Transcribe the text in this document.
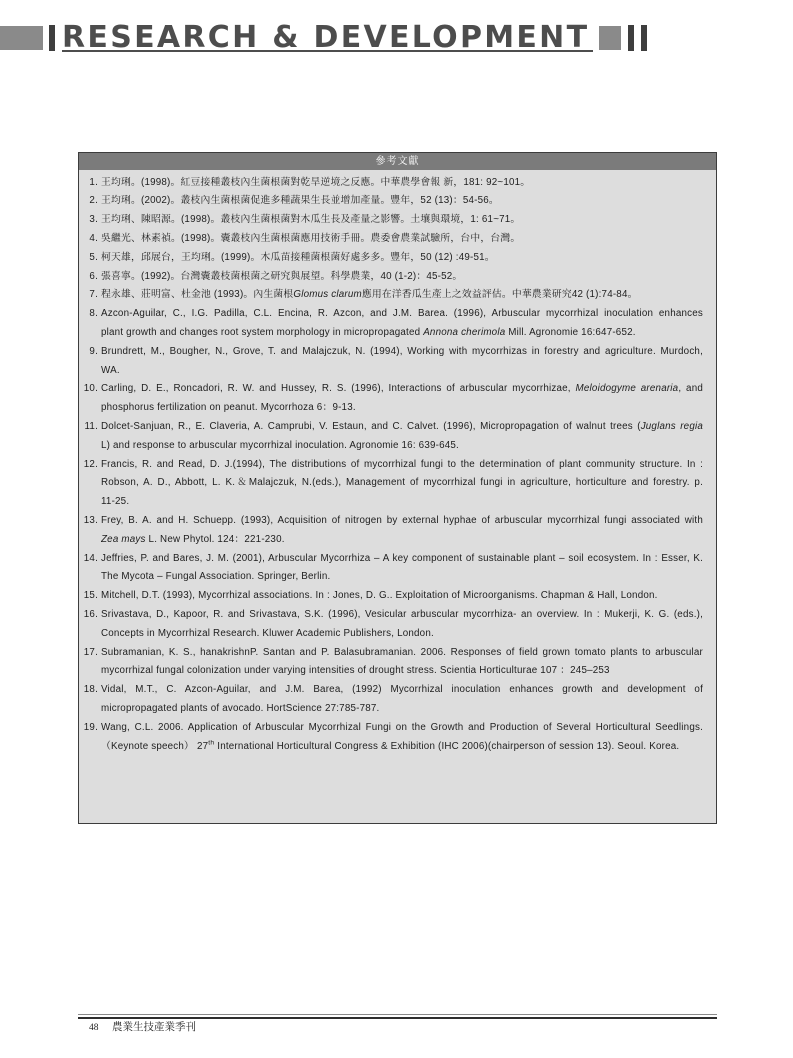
RESEARCH & DEVELOPMENT
參考文獻
1. 王均琍。(1998)。紅豆接種叢枝內生菌根菌對乾旱逆境之反應。中華農學會報 新，181: 92~101。
2. 王均琍。(2002)。叢枝內生菌根菌促進多種蔬果生長並增加產量。豐年，52 (13)：54-56。
3. 王均琍、陳昭源。(1998)。叢枝內生菌根菌對木瓜生長及產量之影響。土壤與環境，1: 61~71。
4. 吳繼光、林素禎。(1998)。囊叢枝內生菌根菌應用技術手冊。農委會農業試驗所，台中，台灣。
5. 柯天雄，邱展台，王均琍。(1999)。木瓜苗接種菌根菌好處多多。豐年，50 (12) :49-51。
6. 張喜寧。(1992)。台灣囊叢枝菌根菌之研究與展望。科學農業，40 (1-2)：45-52。
7. 程永雄、莊明富、杜金池 (1993)。內生菌根Glomus clarum應用在洋香瓜生產上之效益評估。中華農業研究42 (1):74-84。
8. Azcon-Aguilar, C., I.G. Padilla, C.L. Encina, R. Azcon, and J.M. Barea. (1996), Arbuscular mycorrhizal inoculation enhances
plant growth and changes root system morphology in micropropagated Annona cherimola Mill. Agronomie 16:647-652.
9. Brundrett, M., Bougher, N., Grove, T. and Malajczuk, N. (1994), Working with mycorrhizas in forestry and agriculture. Murdoch,
WA.
10. Carling, D. E., Roncadori, R. W. and Hussey, R. S. (1996), Interactions of arbuscular mycorrhizae, Meloidogyme arenaria, and
phosphorus fertilization on peanut. Mycorrhoza 6：9-13.
11. Dolcet-Sanjuan, R., E. Claveria, A. Camprubi, V. Estaun, and C. Calvet. (1996), Micropropagation of walnut trees (Juglans regia
L) and response to arbuscular mycorrhizal inoculation. Agronomie 16: 639-645.
12. Francis, R. and Read, D. J.(1994), The distributions of mycorrhizal fungi to the determination of plant community structure. In :
Robson, A. D., Abbott, L. K.＆Malajczuk, N.(eds.), Management of mycorrhizal fungi in agriculture, horticulture and forestry. p.
11-25.
13. Frey, B. A. and H. Schuepp. (1993), Acquisition of nitrogen by external hyphae of arbuscular mycorrhizal fungi associated with
Zea mays L. New Phytol. 124：221-230.
14. Jeffries, P. and Bares, J. M. (2001), Arbuscular Mycorrhiza – A key component of sustainable plant – soil ecosystem. In : Esser, K.
The Mycota – Fungal Association. Springer, Berlin.
15. Mitchell, D.T. (1993), Mycorrhizal associations. In : Jones, D. G.. Exploitation of Microorganisms. Chapman & Hall, London.
16. Srivastava, D., Kapoor, R. and Srivastava, S.K. (1996), Vesicular arbuscular mycorrhiza- an overview. In : Mukerji, K. G. (eds.),
Concepts in Mycorrhizal Research. Kluwer Academic Publishers, London.
17. Subramanian, K. S., hanakrishnP. Santan and P. Balasubramanian. 2006. Responses of field grown tomato plants to arbuscular
mycorrhizal fungal colonization under varying intensities of drought stress. Scientia Horticulturae 107 ：245–253
18. Vidal, M.T., C. Azcon-Aguilar, and J.M. Barea, (1992) Mycorrhizal inoculation enhances growth and development of
micropropagated plants of avocado. HortScience 27:785-787.
19. Wang, C.L. 2006. Application of Arbuscular Mycorrhizal Fungi on the Growth and Production of Several Horticultural Seedlings.
（Keynote speech） 27th International Horticultural Congress & Exhibition (IHC 2006)(chairperson of session 13). Seoul. Korea.
48 農業生技產業季刊
